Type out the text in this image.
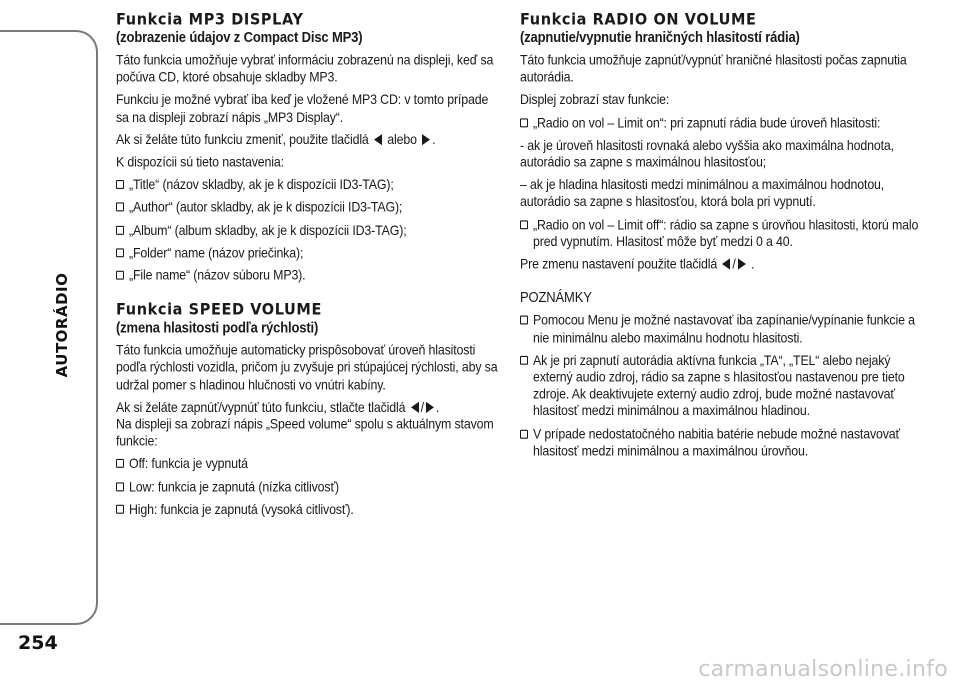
AUTORÁDIO
254
carmanualsonline.info
Funkcia MP3 DISPLAY
(zobrazenie údajov z Compact Disc MP3)

Táto funkcia umožňuje vybrať informáciu zobrazenú na displeji, keď sa počúva CD, ktoré obsahuje skladby MP3.

Funkciu je možné vybrať iba keď je vložené MP3 CD: v tomto prípade sa na displeji zobrazí nápis „MP3 Display“.

Ak si želáte túto funkciu zmeniť, použite tlačidlá alebo .

K dispozícii sú tieto nastavenia:

„Title“ (názov skladby, ak je k dispozícii ID3-TAG);
„Author“ (autor skladby, ak je k dispozícii ID3-TAG);
„Album“ (album skladby, ak je k dispozícii ID3-TAG);
„Folder“ name (názov priečinka);
„File name“ (názov súboru MP3).
Funkcia SPEED VOLUME
(zmena hlasitosti podľa rýchlosti)

Táto funkcia umožňuje automaticky prispôsobovať úroveň hlasitosti podľa rýchlosti vozidla, pričom ju zvyšuje pri stúpajúcej rýchlosti, aby sa udržal pomer s hladinou hlučnosti vo vnútri kabíny.

Ak si želáte zapnúť/vypnúť túto funkciu, stlačte tlačidlá / .
Na displeji sa zobrazí nápis „Speed volume“ spolu s aktuálnym stavom funkcie:

Off: funkcia je vypnutá
Low: funkcia je zapnutá (nízka citlivosť)
High: funkcia je zapnutá (vysoká citlivosť).
Funkcia RADIO ON VOLUME
(zapnutie/vypnutie hraničných hlasitostí rádia)

Táto funkcia umožňuje zapnúť/vypnúť hraničné hlasitosti počas zapnutia autorádia.

Displej zobrazí stav funkcie:

„Radio on vol – Limit on“: pri zapnutí rádia bude úroveň hlasitosti:

- ak je úroveň hlasitosti rovnaká alebo vyššia ako maximálna hodnota, autorádio sa zapne s maximálnou hlasitosťou;

– ak je hladina hlasitosti medzi minimálnou a maximálnou hodnotou, autorádio sa zapne s hlasitosťou, ktorá bola pri vypnutí.

„Radio on vol – Limit off“: rádio sa zapne s úrovňou hlasitosti, ktorú malo pred vypnutím. Hlasitosť môže byť medzi 0 a 40.

Pre zmenu nastavení použite tlačidlá / .

POZNÁMKY
Pomocou Menu je možné nastavovať iba zapínanie/vypínanie funkcie a nie minimálnu alebo maximálnu hodnotu hlasitosti.
Ak je pri zapnutí autorádia aktívna funkcia „TA“, „TEL“ alebo nejaký externý audio zdroj, rádio sa zapne s hlasitosťou nastavenou pre tieto zdroje. Ak deaktivujete externý audio zdroj, bude možné nastavovať hlasitosť medzi minimálnou a maximálnou hladinou.
V prípade nedostatočného nabitia batérie nebude možné nastavovať hlasitosť medzi minimálnou a maximálnou úrovňou.
